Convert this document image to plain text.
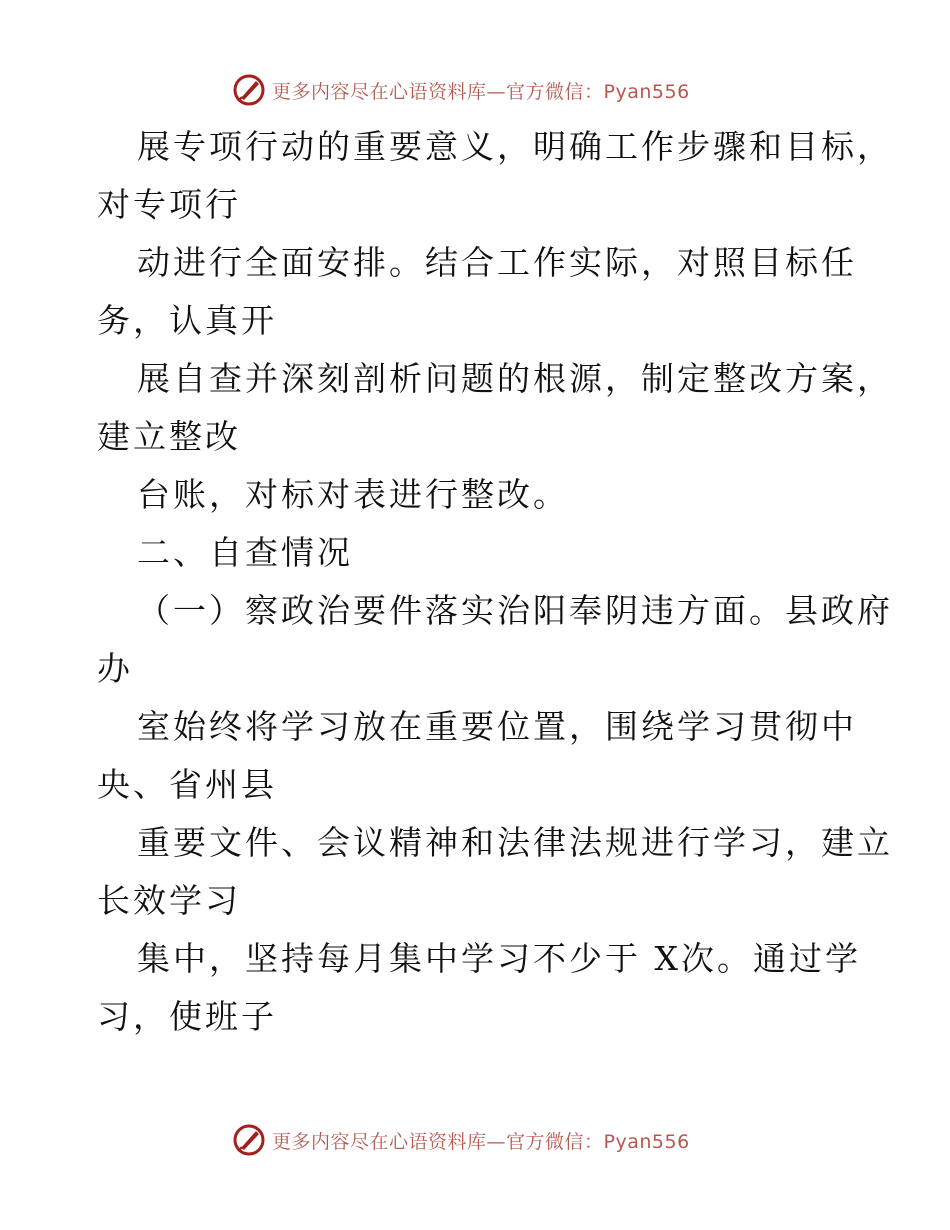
更多内容尽在心语资料库—官方微信：Pyan556

展专项行动的重要意义，明确工作步骤和目标，
对专项行

动进行全面安排。结合工作实际，对照目标任
务，认真开

展自查并深刻剖析问题的根源，制定整改方案，
建立整改

台账，对标对表进行整改。

二、自查情况

（一）察政治要件落实治阳奉阴违方面。县政府
办

室始终将学习放在重要位置，围绕学习贯彻中
央、省州县

重要文件、会议精神和法律法规进行学习，建立
长效学习

集中，坚持每月集中学习不少于 X次。通过学
习，使班子

更多内容尽在心语资料库—官方微信：Pyan556
